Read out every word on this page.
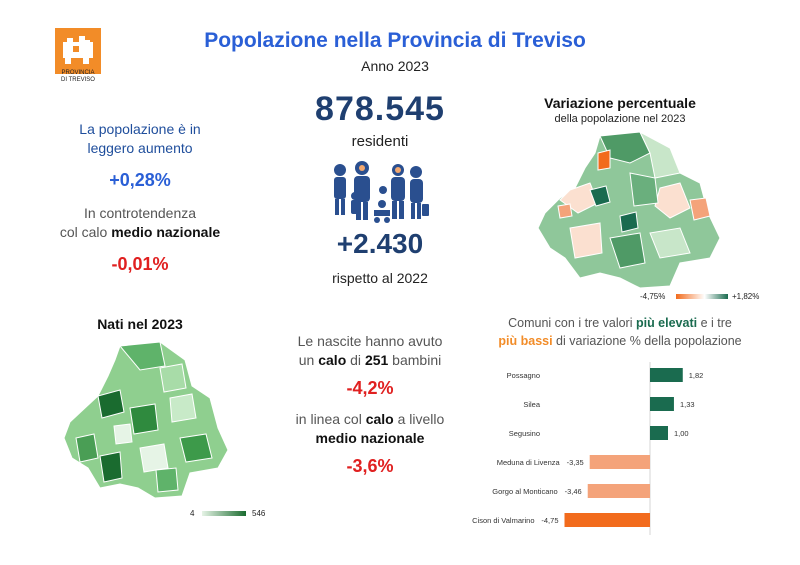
PROVINCIA
DI TREVISO
Popolazione nella Provincia di Treviso
Anno 2023
La popolazione è in
leggero aumento
+0,28%
In controtendenza
col calo medio nazionale
-0,01%
878.545
residenti
+2.430
rispetto al 2022
Variazione percentuale
della popolazione nel 2023
-4,75%	+1,82%
Nati nel 2023
4	546
Le nascite hanno avuto
un calo di 251 bambini
-4,2%
in linea col calo a livello
medio nazionale
-3,6%
Comuni con i tre valori più elevati e i tre
più bassi di variazione % della popolazione
Possagno	1,82
Silea	1,33
Segusino	1,00
Meduna di Livenza -3,35
Gorgo al Monticano -3,46
Cison di Valmarino -4,75
